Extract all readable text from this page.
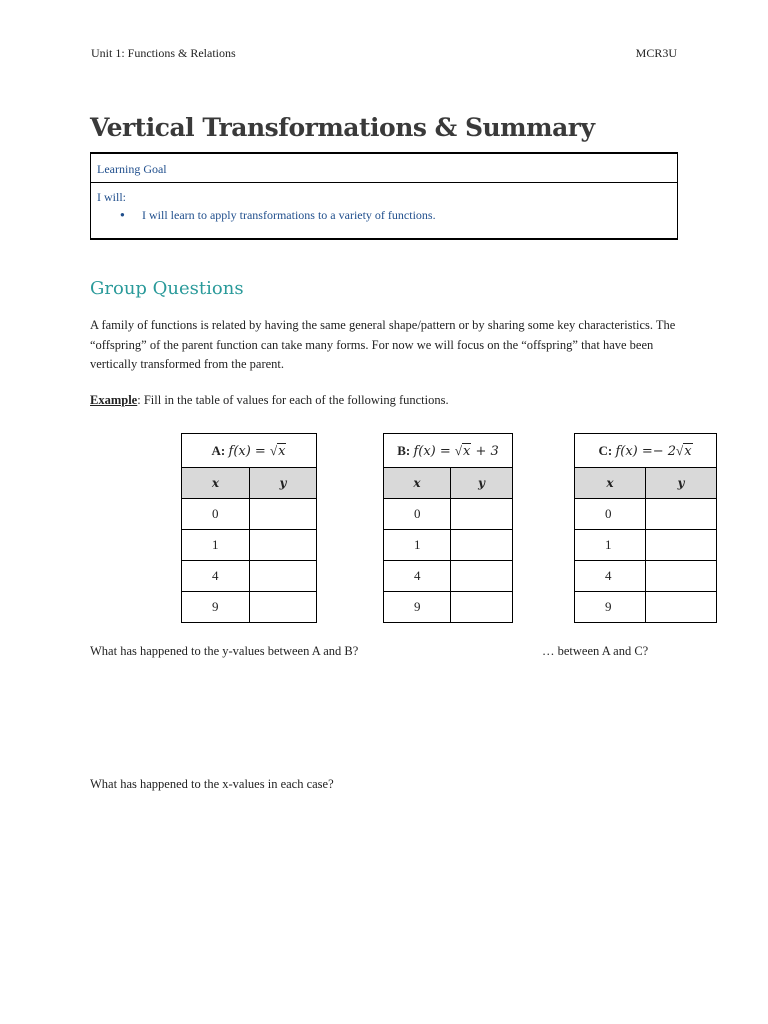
Unit 1: Functions & Relations	MCR3U
Vertical Transformations & Summary
Learning Goal
I will:
● I will learn to apply transformations to a variety of functions.
Group Questions

A family of functions is related by having the same general shape/pattern or by sharing some key characteristics. The “offspring” of the parent function can take many forms. For now we will focus on the “offspring” that have been vertically transformed from the parent.

Example: Fill in the table of values for each of the following functions.

A: f(x) = √x	
x	y
0	
1	
4	
9	
B: f(x) = √x + 3	
x	y
0	
1	
4	
9	
C: f(x) =− 2√x	
x	y
0	
1	
4	
9	

What has happened to the y-values between A and B?	… between A and C?

What has happened to the x-values in each case?
